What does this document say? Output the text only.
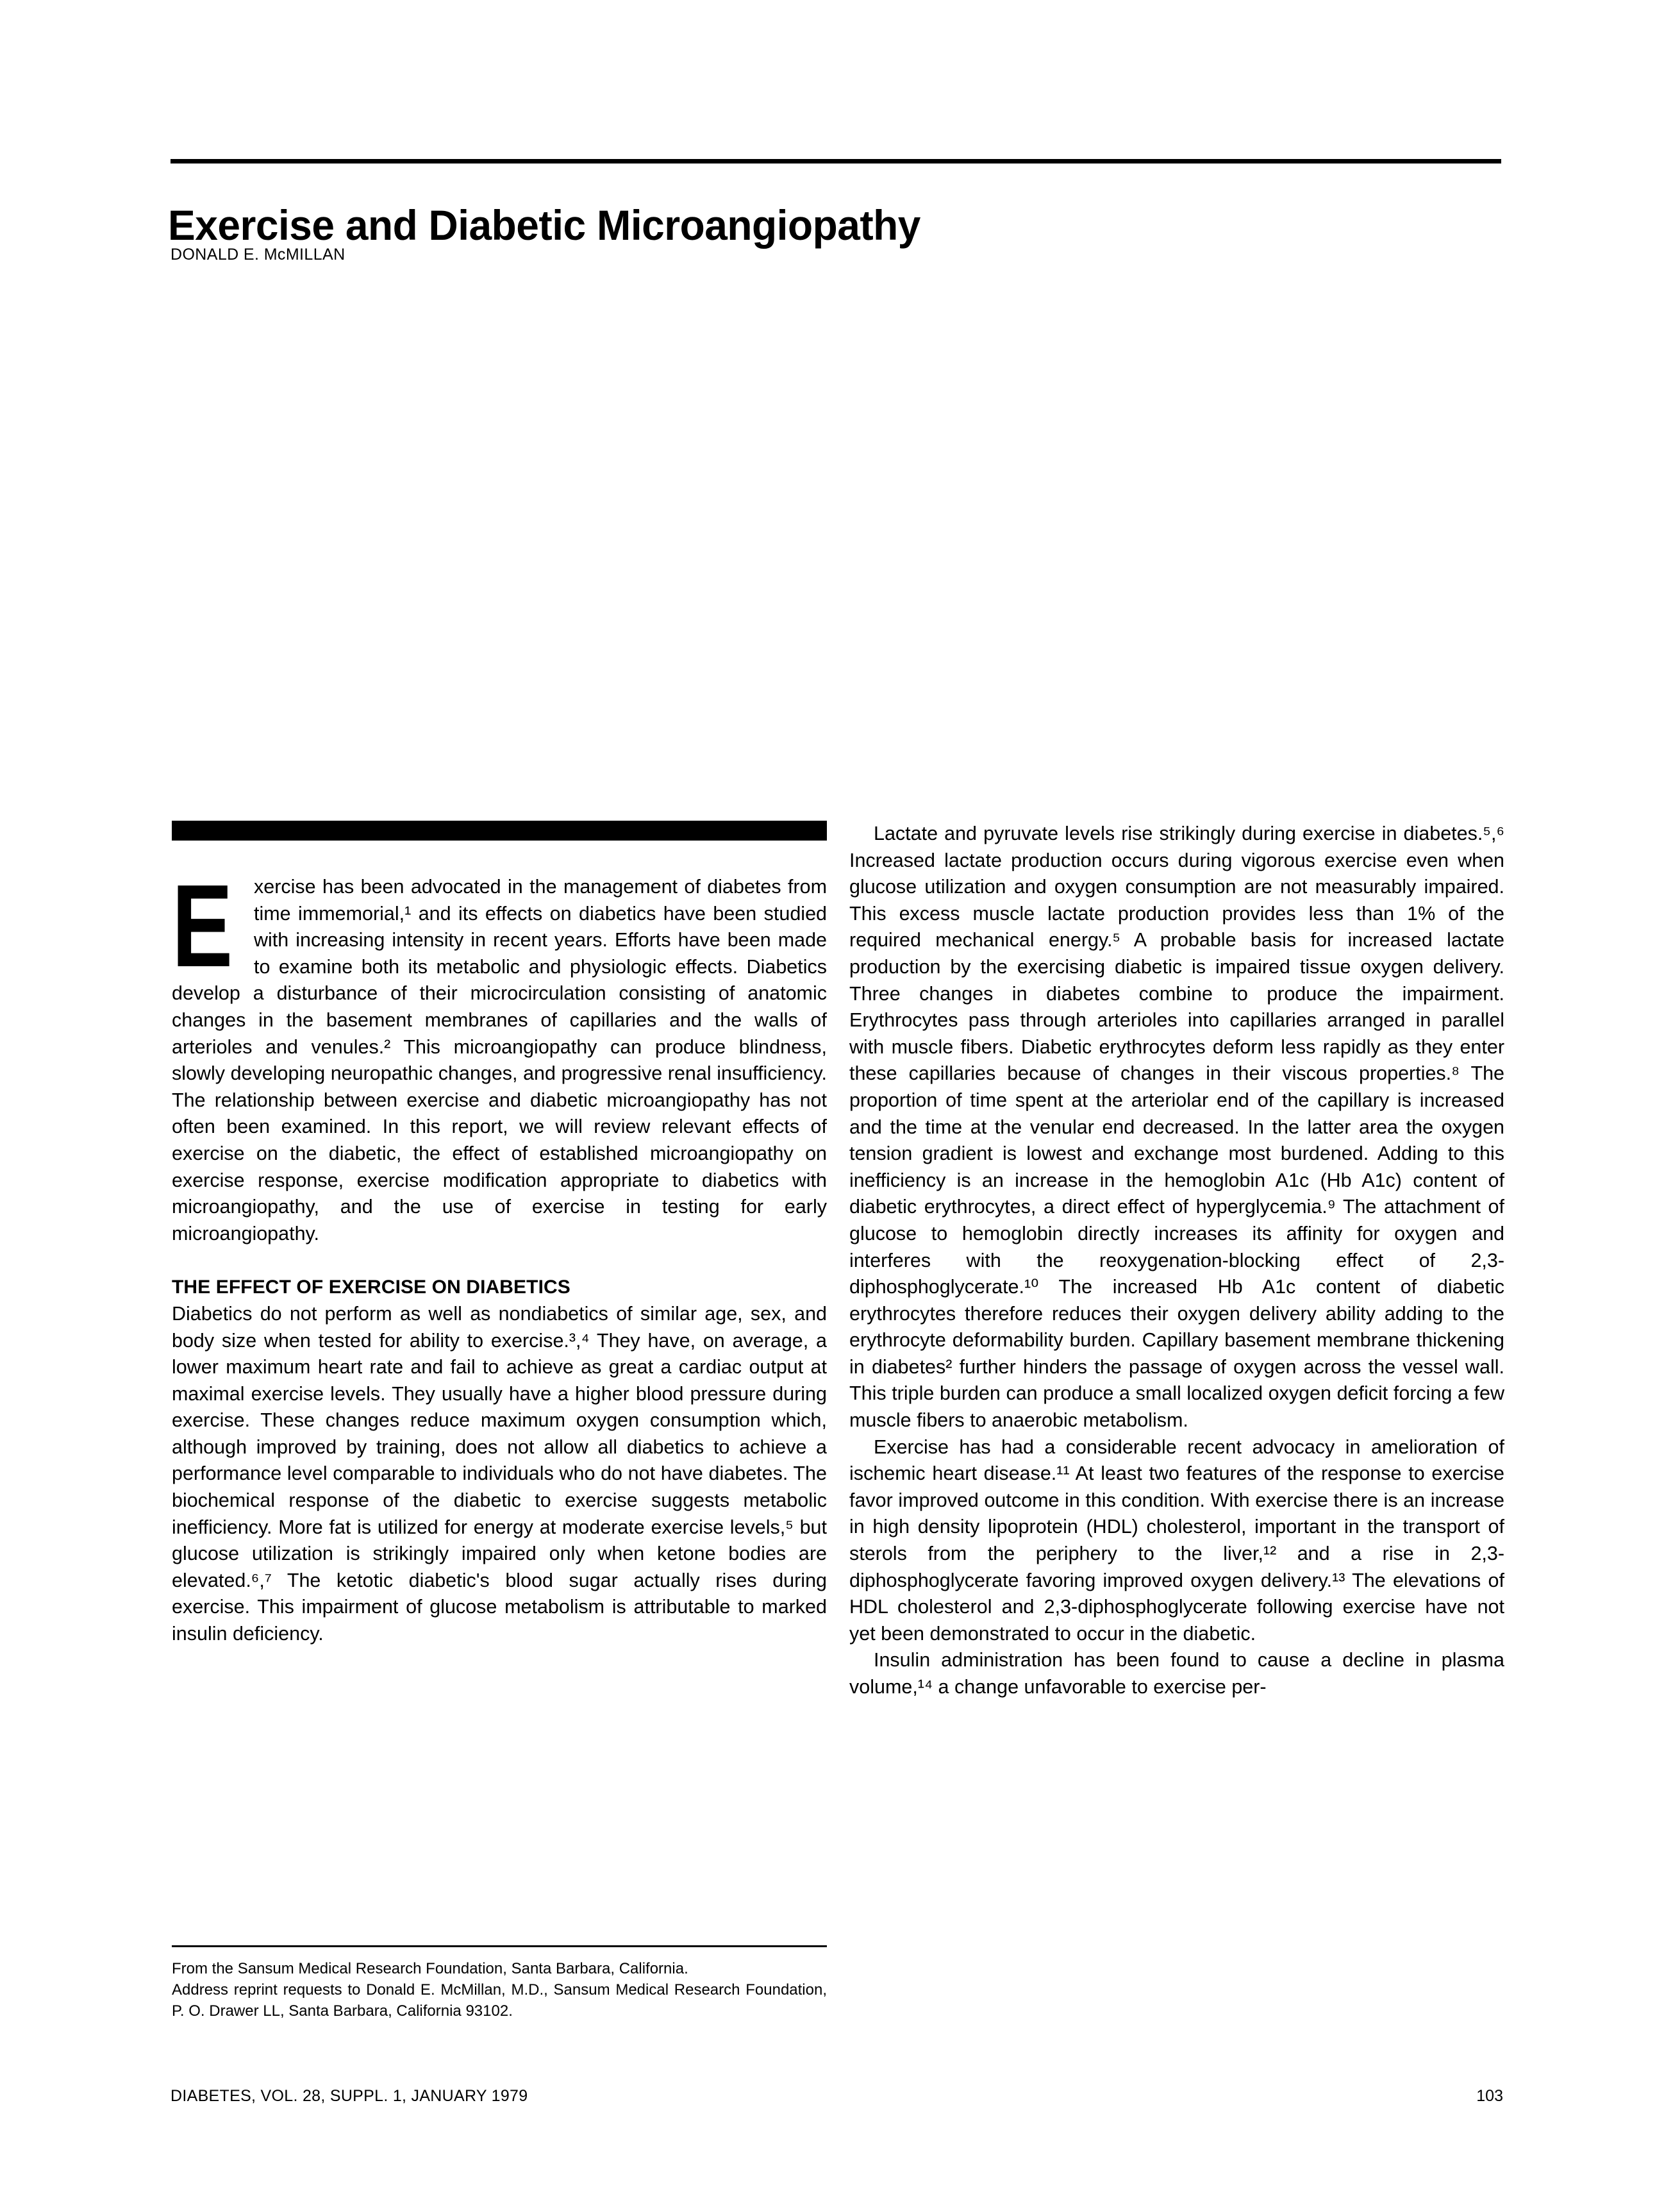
Exercise and Diabetic Microangiopathy
DONALD E. McMILLAN
E	xercise has been advocated in the management of diabetes from time immemorial,¹ and its effects on diabetics have been studied with increasing intensity in recent years. Efforts have been made to examine both its metabolic and physiologic effects. Diabetics develop a disturbance of their microcirculation consisting of anatomic changes in the basement membranes of capillaries and the walls of arterioles and venules.² This microangiopathy can produce blindness, slowly developing neuropathic changes, and progressive renal insufficiency. The relationship between exercise and diabetic microangiopathy has not often been examined. In this report, we will review relevant effects of exercise on the diabetic, the effect of established microangiopathy on exercise response, exercise modification appropriate to diabetics with microangiopathy, and the use of exercise in testing for early microangiopathy.

THE EFFECT OF EXERCISE ON DIABETICS

Diabetics do not perform as well as nondiabetics of similar age, sex, and body size when tested for ability to exercise.³,⁴ They have, on average, a lower maximum heart rate and fail to achieve as great a cardiac output at maximal exercise levels. They usually have a higher blood pressure during exercise. These changes reduce maximum oxygen consumption which, although improved by training, does not allow all diabetics to achieve a performance level comparable to individuals who do not have diabetes. The biochemical response of the diabetic to exercise suggests metabolic inefficiency. More fat is utilized for energy at moderate exercise levels,⁵ but glucose utilization is strikingly impaired only when ketone bodies are elevated.⁶,⁷ The ketotic diabetic's blood sugar actually rises during exercise. This impairment of glucose metabolism is attributable to marked insulin deficiency.

Lactate and pyruvate levels rise strikingly during exercise in diabetes.⁵,⁶ Increased lactate production occurs during vigorous exercise even when glucose utilization and oxygen consumption are not measurably impaired. This excess muscle lactate production provides less than 1% of the required mechanical energy.⁵ A probable basis for increased lactate production by the exercising diabetic is impaired tissue oxygen delivery. Three changes in diabetes combine to produce the impairment. Erythrocytes pass through arterioles into capillaries arranged in parallel with muscle fibers. Diabetic erythrocytes deform less rapidly as they enter these capillaries because of changes in their viscous properties.⁸ The proportion of time spent at the arteriolar end of the capillary is increased and the time at the venular end decreased. In the latter area the oxygen tension gradient is lowest and exchange most burdened. Adding to this inefficiency is an increase in the hemoglobin A1c (Hb A1c) content of diabetic erythrocytes, a direct effect of hyperglycemia.⁹ The attachment of glucose to hemoglobin directly increases its affinity for oxygen and interferes with the reoxygenation-blocking effect of 2,3-diphosphoglycerate.¹⁰ The increased Hb A1c content of diabetic erythrocytes therefore reduces their oxygen delivery ability adding to the erythrocyte deformability burden. Capillary basement membrane thickening in diabetes² further hinders the passage of oxygen across the vessel wall. This triple burden can produce a small localized oxygen deficit forcing a few muscle fibers to anaerobic metabolism.

Exercise has had a considerable recent advocacy in amelioration of ischemic heart disease.¹¹ At least two features of the response to exercise favor improved outcome in this condition. With exercise there is an increase in high density lipoprotein (HDL) cholesterol, important in the transport of sterols from the periphery to the liver,¹² and a rise in 2,3-diphosphoglycerate favoring improved oxygen delivery.¹³ The elevations of HDL cholesterol and 2,3-diphosphoglycerate following exercise have not yet been demonstrated to occur in the diabetic.

Insulin administration has been found to cause a decline in plasma volume,¹⁴ a change unfavorable to exercise per-

From the Sansum Medical Research Foundation, Santa Barbara, California.

Address reprint requests to Donald E. McMillan, M.D., Sansum Medical Research Foundation, P. O. Drawer LL, Santa Barbara, California 93102.

DIABETES, VOL. 28, SUPPL. 1, JANUARY 1979	103
